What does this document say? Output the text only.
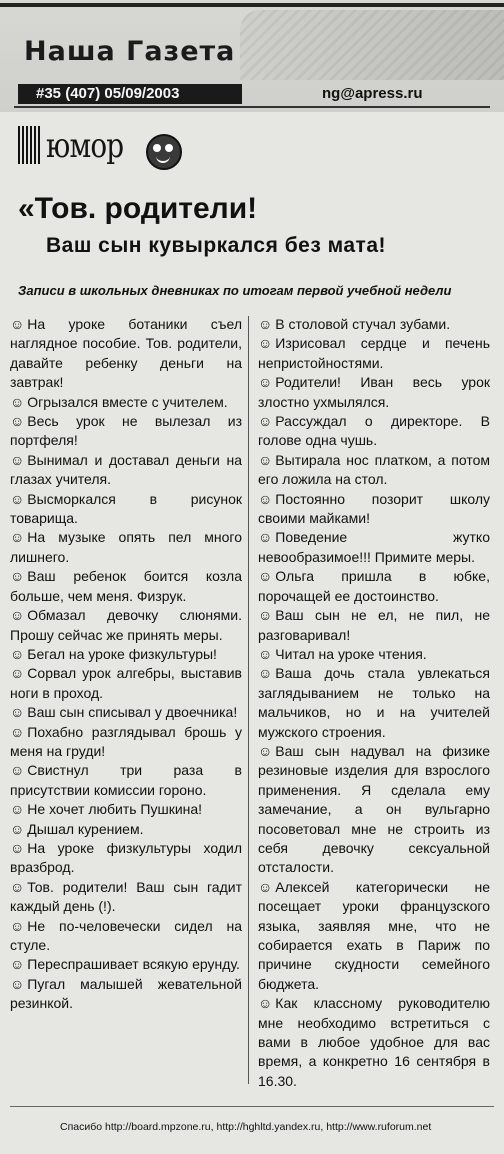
Наша Газета
#35 (407) 05/09/2003	ng@apress.ru
юмор
«Тов. родители!
Ваш сын кувыркался без мата!
Записи в школьных дневниках по итогам первой учебной недели

☺ На уроке ботаники съел наглядное пособие. Тов. родители, давайте ребенку деньги на завтрак!

☺ Огрызался вместе с учителем.

☺ Весь урок не вылезал из портфеля!

☺ Вынимал и доставал деньги на глазах учителя.

☺ Высморкался в рисунок товарища.

☺ На музыке опять пел много лишнего.

☺ Ваш ребенок боится козла больше, чем меня. Физрук.

☺ Обмазал девочку слюнями. Прошу сейчас же принять меры.

☺ Бегал на уроке физкультуры!

☺ Сорвал урок алгебры, выставив ноги в проход.

☺ Ваш сын списывал у двоечника!

☺ Похабно разглядывал брошь у меня на груди!

☺ Свистнул три раза в присутствии комиссии гороно.

☺ Не хочет любить Пушкина!

☺ Дышал курением.

☺ На уроке физкультуры ходил вразброд.

☺ Тов. родители! Ваш сын гадит каждый день (!).

☺ Не по-человечески сидел на стуле.

☺ Переспрашивает всякую ерунду.

☺ Пугал малышей жевательной резинкой.

☺ В столовой стучал зубами.

☺ Изрисовал сердце и печень непристойностями.

☺ Родители! Иван весь урок злостно ухмылялся.

☺ Рассуждал о директоре. В голове одна чушь.

☺ Вытирала нос платком, а потом его ложила на стол.

☺ Постоянно позорит школу своими майками!

☺ Поведение жутко невообразимое!!! Примите меры.

☺ Ольга пришла в юбке, порочащей ее достоинство.

☺ Ваш сын не ел, не пил, не разговаривал!

☺ Читал на уроке чтения.

☺ Ваша дочь стала увлекаться заглядыванием не только на мальчиков, но и на учителей мужского строения.

☺ Ваш сын надувал на физике резиновые изделия для взрослого применения. Я сделала ему замечание, а он вульгарно посоветовал мне не строить из себя девочку сексуальной отсталости.

☺ Алексей категорически не посещает уроки французского языка, заявляя мне, что не собирается ехать в Париж по причине скудности семейного бюджета.

☺ Как классному руководителю мне необходимо встретиться с вами в любое удобное для вас время, а конкретно 16 сентября в 16.30.

Спасибо http://board.mpzone.ru, http://hghltd.yandex.ru, http://www.ruforum.net
